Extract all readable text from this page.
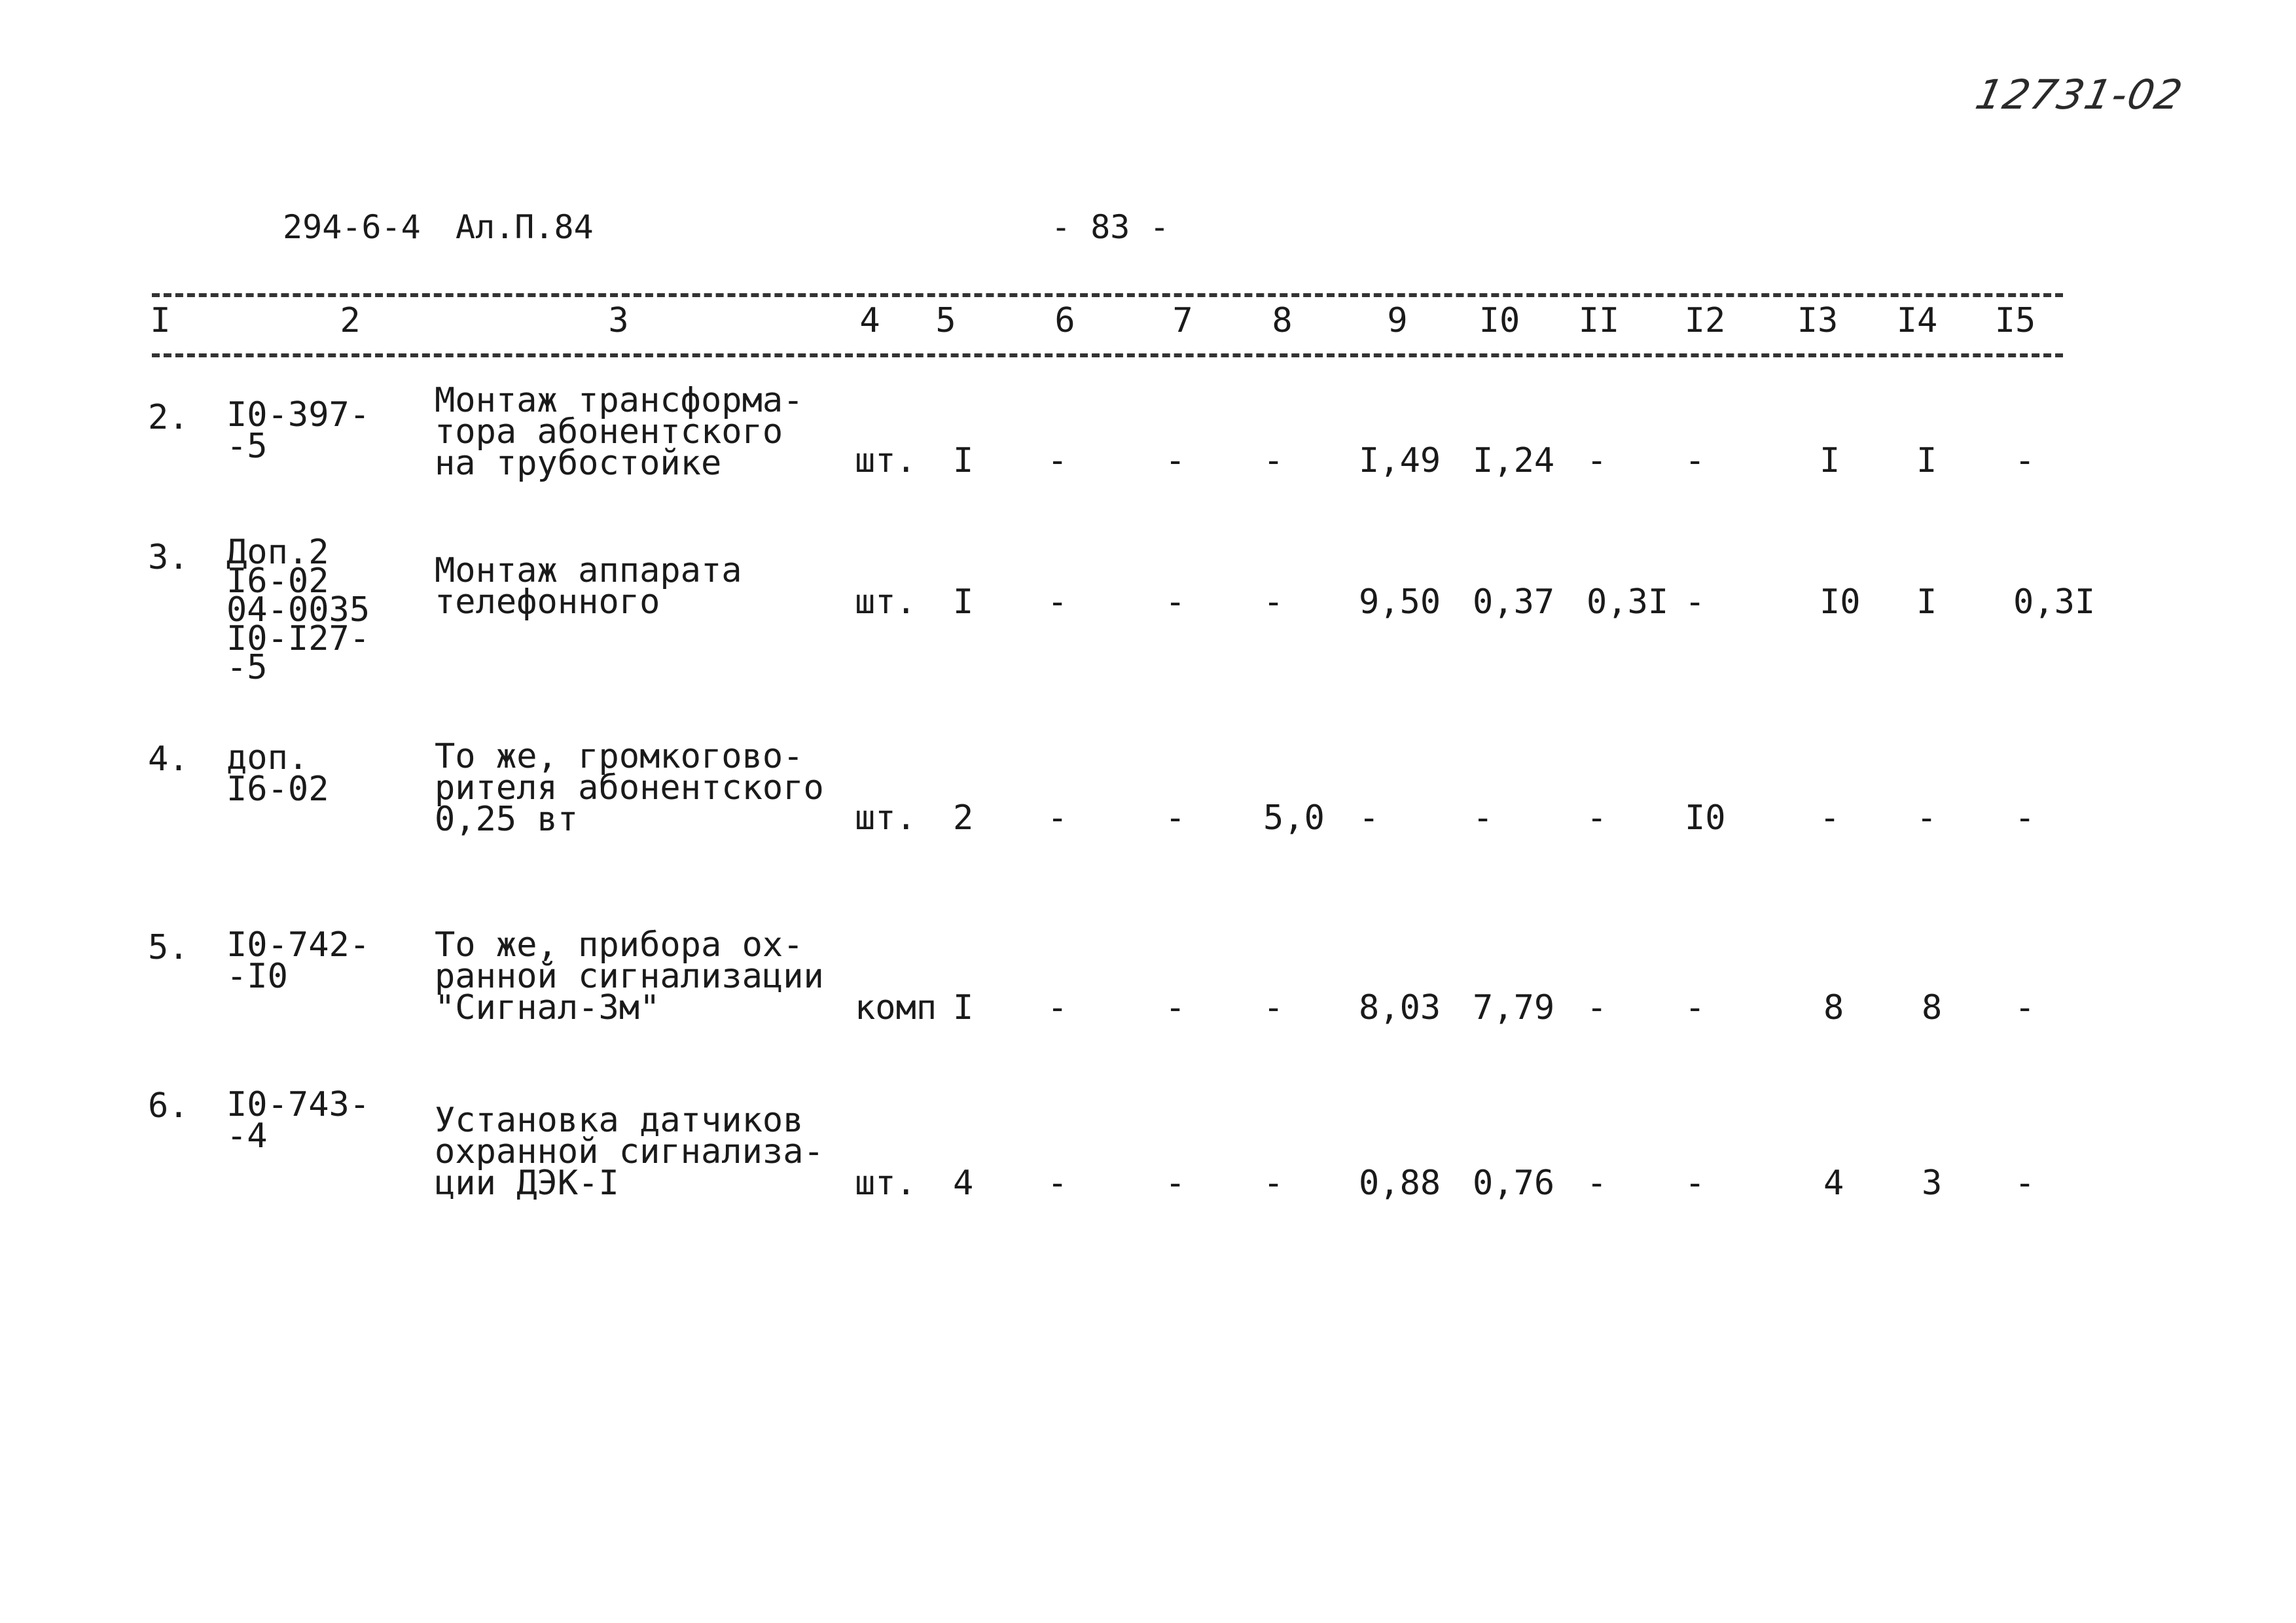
12731-02
294-6-4 Ал.П.84	- 83 -
I	2	3	4	5	6	7	8	9	I0 II I2 I3 I4 I5
2. I0-397-
-5
Монтаж трансформа-
тора абонентского
на трубостойке	шт. I -	- - I,49 I,24 - -	I I -
3. Доп.2
I6-02
04-0035
I0-I27-
-5
Монтаж аппарата
телефонного	шт. I -	- - 9,50 0,37 0,3I -	I0 I 0,3I
4. доп.
I6-02
То же, громкогово-
рителя абонентского
0,25 вт	шт. 2 -	- 5,0 -	-	- I0	- - -
5. I0-742-
-I0
То же, прибора ох-
ранной сигнализации
"Сигнал-3м"	комп I -	- - 8,03 7,79 - -	8 8 -
6. I0-743-
-4	Установка датчиков
охранной сигнализа-
ции ДЭК-I	шт. 4 -	- - 0,88 0,76 - -	4 3 -
